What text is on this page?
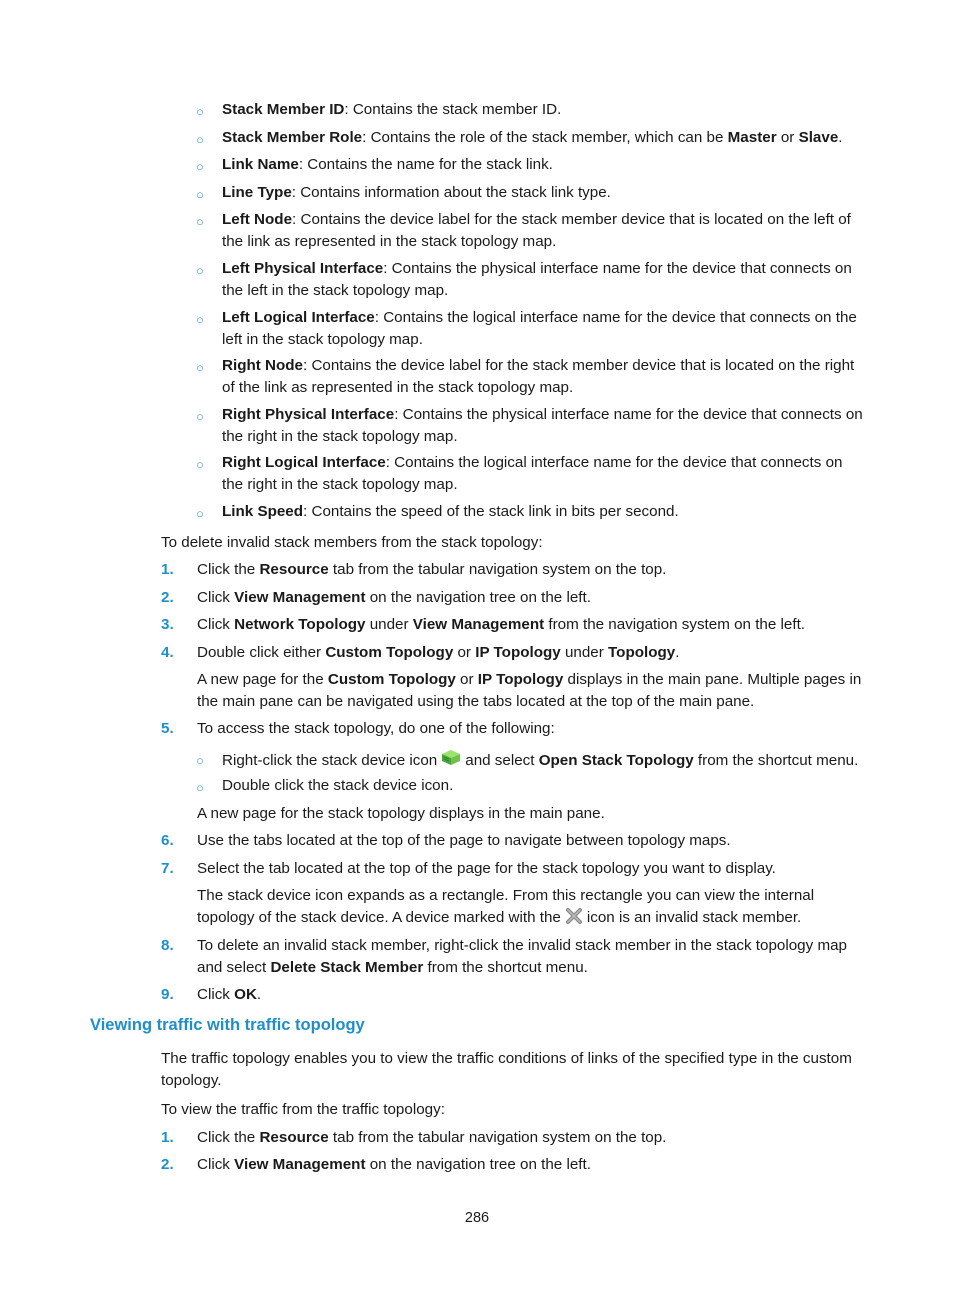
○ Stack Member ID: Contains the stack member ID.
○ Stack Member Role: Contains the role of the stack member, which can be Master or Slave.
○ Link Name: Contains the name for the stack link.
○ Line Type: Contains information about the stack link type.
○ Left Node: Contains the device label for the stack member device that is located on the left of the link as represented in the stack topology map.
○ Left Physical Interface: Contains the physical interface name for the device that connects on the left in the stack topology map.
○ Left Logical Interface: Contains the logical interface name for the device that connects on the left in the stack topology map.
○ Right Node: Contains the device label for the stack member device that is located on the right of the link as represented in the stack topology map.
○ Right Physical Interface: Contains the physical interface name for the device that connects on the right in the stack topology map.
○ Right Logical Interface: Contains the logical interface name for the device that connects on the right in the stack topology map.
○ Link Speed: Contains the speed of the stack link in bits per second.
To delete invalid stack members from the stack topology:
1. Click the Resource tab from the tabular navigation system on the top.
2. Click View Management on the navigation tree on the left.
3. Click Network Topology under View Management from the navigation system on the left.
4. Double click either Custom Topology or IP Topology under Topology.
A new page for the Custom Topology or IP Topology displays in the main pane. Multiple pages in the main pane can be navigated using the tabs located at the top of the main pane.
5. To access the stack topology, do one of the following:
○ Right-click the stack device icon and select Open Stack Topology from the shortcut menu.
○ Double click the stack device icon.
A new page for the stack topology displays in the main pane.
6. Use the tabs located at the top of the page to navigate between topology maps.
7. Select the tab located at the top of the page for the stack topology you want to display.
The stack device icon expands as a rectangle. From this rectangle you can view the internal topology of the stack device. A device marked with the icon is an invalid stack member.
8. To delete an invalid stack member, right-click the invalid stack member in the stack topology map and select Delete Stack Member from the shortcut menu.
9. Click OK.
Viewing traffic with traffic topology
The traffic topology enables you to view the traffic conditions of links of the specified type in the custom topology.
To view the traffic from the traffic topology:
1. Click the Resource tab from the tabular navigation system on the top.
2. Click View Management on the navigation tree on the left.
286
